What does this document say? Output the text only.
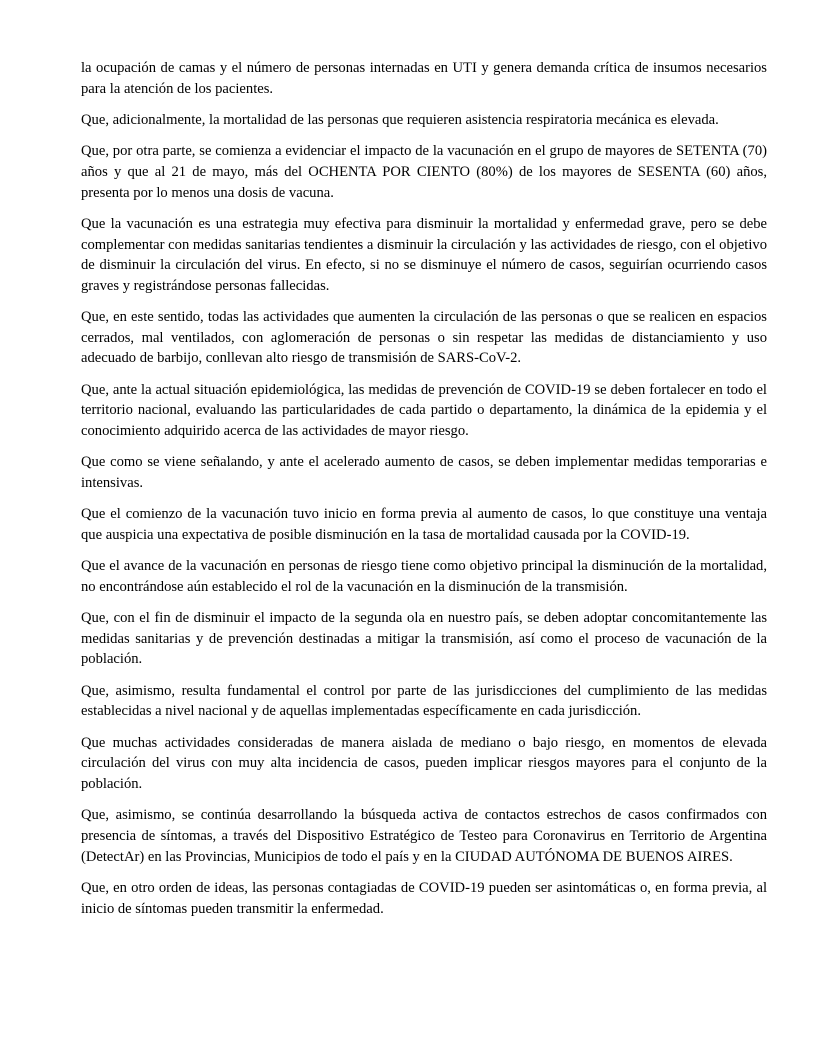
la ocupación de camas y el número de personas internadas en UTI y genera demanda crítica de insumos necesarios para la atención de los pacientes.

Que, adicionalmente, la mortalidad de las personas que requieren asistencia respiratoria mecánica es elevada.

Que, por otra parte, se comienza a evidenciar el impacto de la vacunación en el grupo de mayores de SETENTA (70) años y que al 21 de mayo, más del OCHENTA POR CIENTO (80%) de los mayores de SESENTA (60) años, presenta por lo menos una dosis de vacuna.

Que la vacunación es una estrategia muy efectiva para disminuir la mortalidad y enfermedad grave, pero se debe complementar con medidas sanitarias tendientes a disminuir la circulación y las actividades de riesgo, con el objetivo de disminuir la circulación del virus. En efecto, si no se disminuye el número de casos, seguirían ocurriendo casos graves y registrándose personas fallecidas.

Que, en este sentido, todas las actividades que aumenten la circulación de las personas o que se realicen en espacios cerrados, mal ventilados, con aglomeración de personas o sin respetar las medidas de distanciamiento y uso adecuado de barbijo, conllevan alto riesgo de transmisión de SARS-CoV-2.

Que, ante la actual situación epidemiológica, las medidas de prevención de COVID-19 se deben fortalecer en todo el territorio nacional, evaluando las particularidades de cada partido o departamento, la dinámica de la epidemia y el conocimiento adquirido acerca de las actividades de mayor riesgo.

Que como se viene señalando, y ante el acelerado aumento de casos, se deben implementar medidas temporarias e intensivas.

Que el comienzo de la vacunación tuvo inicio en forma previa al aumento de casos, lo que constituye una ventaja que auspicia una expectativa de posible disminución en la tasa de mortalidad causada por la COVID-19.

Que el avance de la vacunación en personas de riesgo tiene como objetivo principal la disminución de la mortalidad, no encontrándose aún establecido el rol de la vacunación en la disminución de la transmisión.

Que, con el fin de disminuir el impacto de la segunda ola en nuestro país, se deben adoptar concomitantemente las medidas sanitarias y de prevención destinadas a mitigar la transmisión, así como el proceso de vacunación de la población.

Que, asimismo, resulta fundamental el control por parte de las jurisdicciones del cumplimiento de las medidas establecidas a nivel nacional y de aquellas implementadas específicamente en cada jurisdicción.

Que muchas actividades consideradas de manera aislada de mediano o bajo riesgo, en momentos de elevada circulación del virus con muy alta incidencia de casos, pueden implicar riesgos mayores para el conjunto de la población.

Que, asimismo, se continúa desarrollando la búsqueda activa de contactos estrechos de casos confirmados con presencia de síntomas, a través del Dispositivo Estratégico de Testeo para Coronavirus en Territorio de Argentina (DetectAr) en las Provincias, Municipios de todo el país y en la CIUDAD AUTÓNOMA DE BUENOS AIRES.

Que, en otro orden de ideas, las personas contagiadas de COVID-19 pueden ser asintomáticas o, en forma previa, al inicio de síntomas pueden transmitir la enfermedad.
